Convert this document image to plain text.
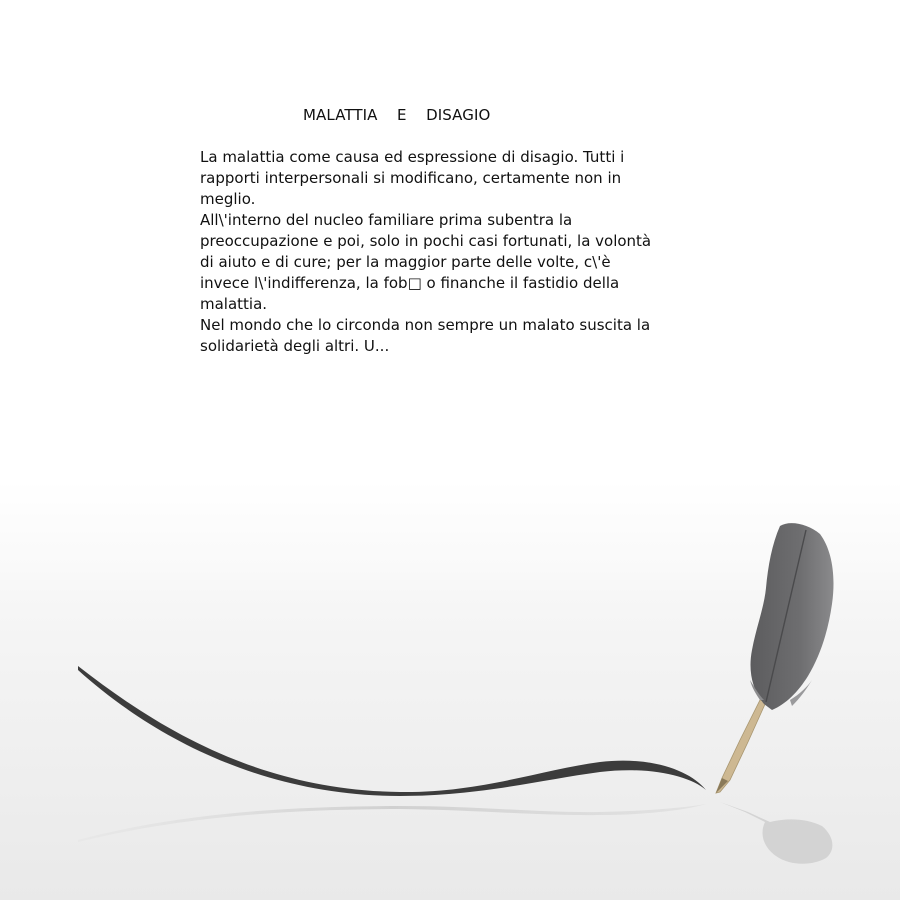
MALATTIA    E    DISAGIO
La malattia come causa ed espressione di disagio. Tutti i
rapporti interpersonali si modificano, certamente non in
meglio.
All\'interno del nucleo familiare prima subentra la
preoccupazione e poi, solo in pochi casi fortunati, la volontà
di aiuto e di cure; per la maggior parte delle volte, c\'è
invece l\'indifferenza, la fob□ o finanche il fastidio della
malattia.
Nel mondo che lo circonda non sempre un malato suscita la
solidarietà degli altri. U...
